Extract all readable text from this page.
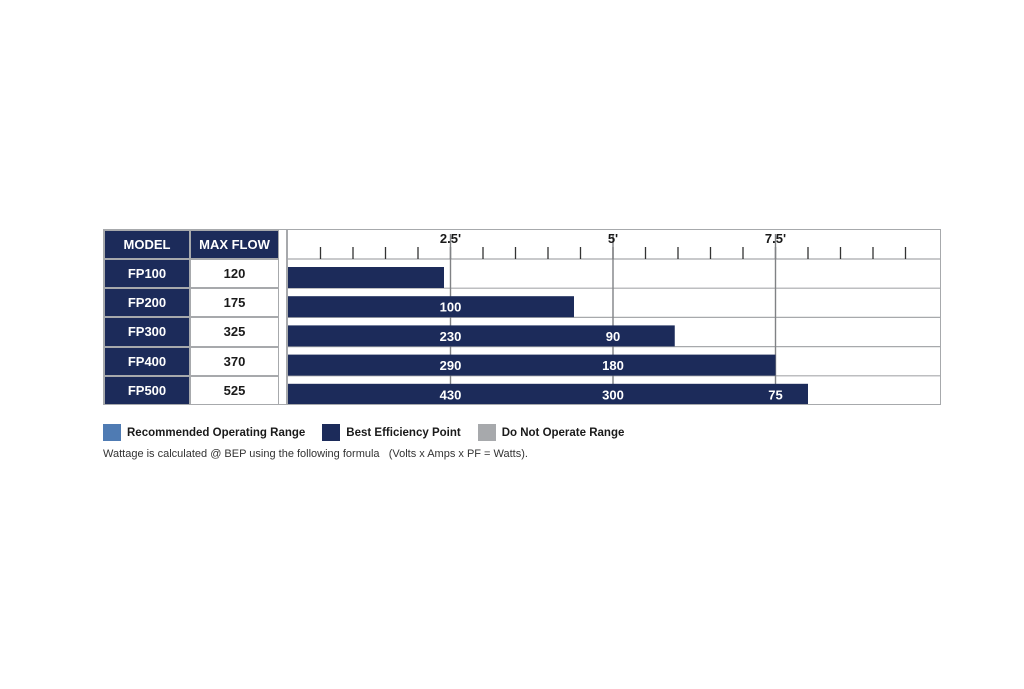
MODEL	MAX FLOW
FP100	120
FP200	175
FP300	325
FP400	370
FP500	525
2.5'	5'	7.5'
100
230	90
290	180
430	300	75
Recommended Operating Range	Best Efficiency Point	Do Not Operate Range
Wattage is calculated @ BEP using the following formula   (Volts x Amps x PF = Watts).
